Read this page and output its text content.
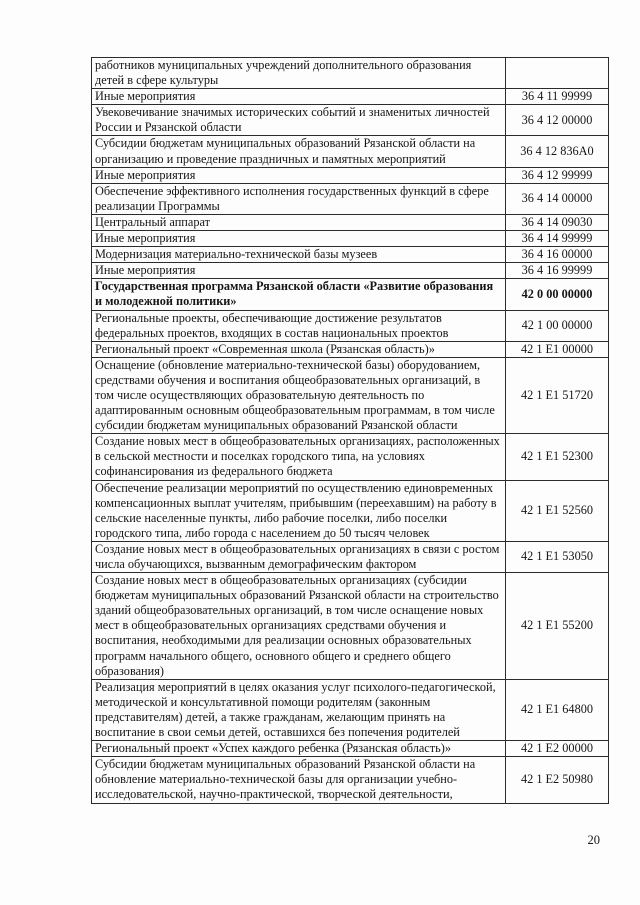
работников муниципальных учреждений дополнительного образования детей в сфере культуры	
Иные мероприятия	36 4 11 99999
Увековечивание значимых исторических событий и знаменитых личностей России и Рязанской области	36 4 12 00000
Субсидии бюджетам муниципальных образований Рязанской области на организацию и проведение праздничных и памятных мероприятий	36 4 12 836А0
Иные мероприятия	36 4 12 99999
Обеспечение эффективного исполнения государственных функций в сфере реализации Программы	36 4 14 00000
Центральный аппарат	36 4 14 09030
Иные мероприятия	36 4 14 99999
Модернизация материально-технической базы музеев	36 4 16 00000
Иные мероприятия	36 4 16 99999
Государственная программа Рязанской области «Развитие образования и молодежной политики»	42 0 00 00000
Региональные проекты, обеспечивающие достижение результатов федеральных проектов, входящих в состав национальных проектов	42 1 00 00000
Региональный проект «Современная школа (Рязанская область)»	42 1 Е1 00000
Оснащение (обновление материально-технической базы) оборудованием, средствами обучения и воспитания общеобразовательных организаций, в том числе осуществляющих образовательную деятельность по адаптированным основным общеобразовательным программам, в том числе субсидии бюджетам муниципальных образований Рязанской области	42 1 Е1 51720
Создание новых мест в общеобразовательных организациях, расположенных в сельской местности и поселках городского типа, на условиях софинансирования из федерального бюджета	42 1 Е1 52300
Обеспечение реализации мероприятий по осуществлению единовременных компенсационных выплат учителям, прибывшим (переехавшим) на работу в сельские населенные пункты, либо рабочие поселки, либо поселки городского типа, либо города с населением до 50 тысяч человек	42 1 Е1 52560
Создание новых мест в общеобразовательных организациях в связи с ростом числа обучающихся, вызванным демографическим фактором	42 1 Е1 53050
Создание новых мест в общеобразовательных организациях (субсидии бюджетам муниципальных образований Рязанской области на строительство зданий общеобразовательных организаций, в том числе оснащение новых мест в общеобразовательных организациях средствами обучения и воспитания, необходимыми для реализации основных образовательных программ начального общего, основного общего и среднего общего образования)	42 1 Е1 55200
Реализация мероприятий в целях оказания услуг психолого-педагогической, методической и консультативной помощи родителям (законным представителям) детей, а также гражданам, желающим принять на воспитание в свои семьи детей, оставшихся без попечения родителей	42 1 Е1 64800
Региональный проект «Успех каждого ребенка (Рязанская область)»	42 1 Е2 00000
Субсидии бюджетам муниципальных образований Рязанской области на обновление материально-технической базы для организации учебно-исследовательской, научно-практической, творческой деятельности,	42 1 Е2 50980
20
